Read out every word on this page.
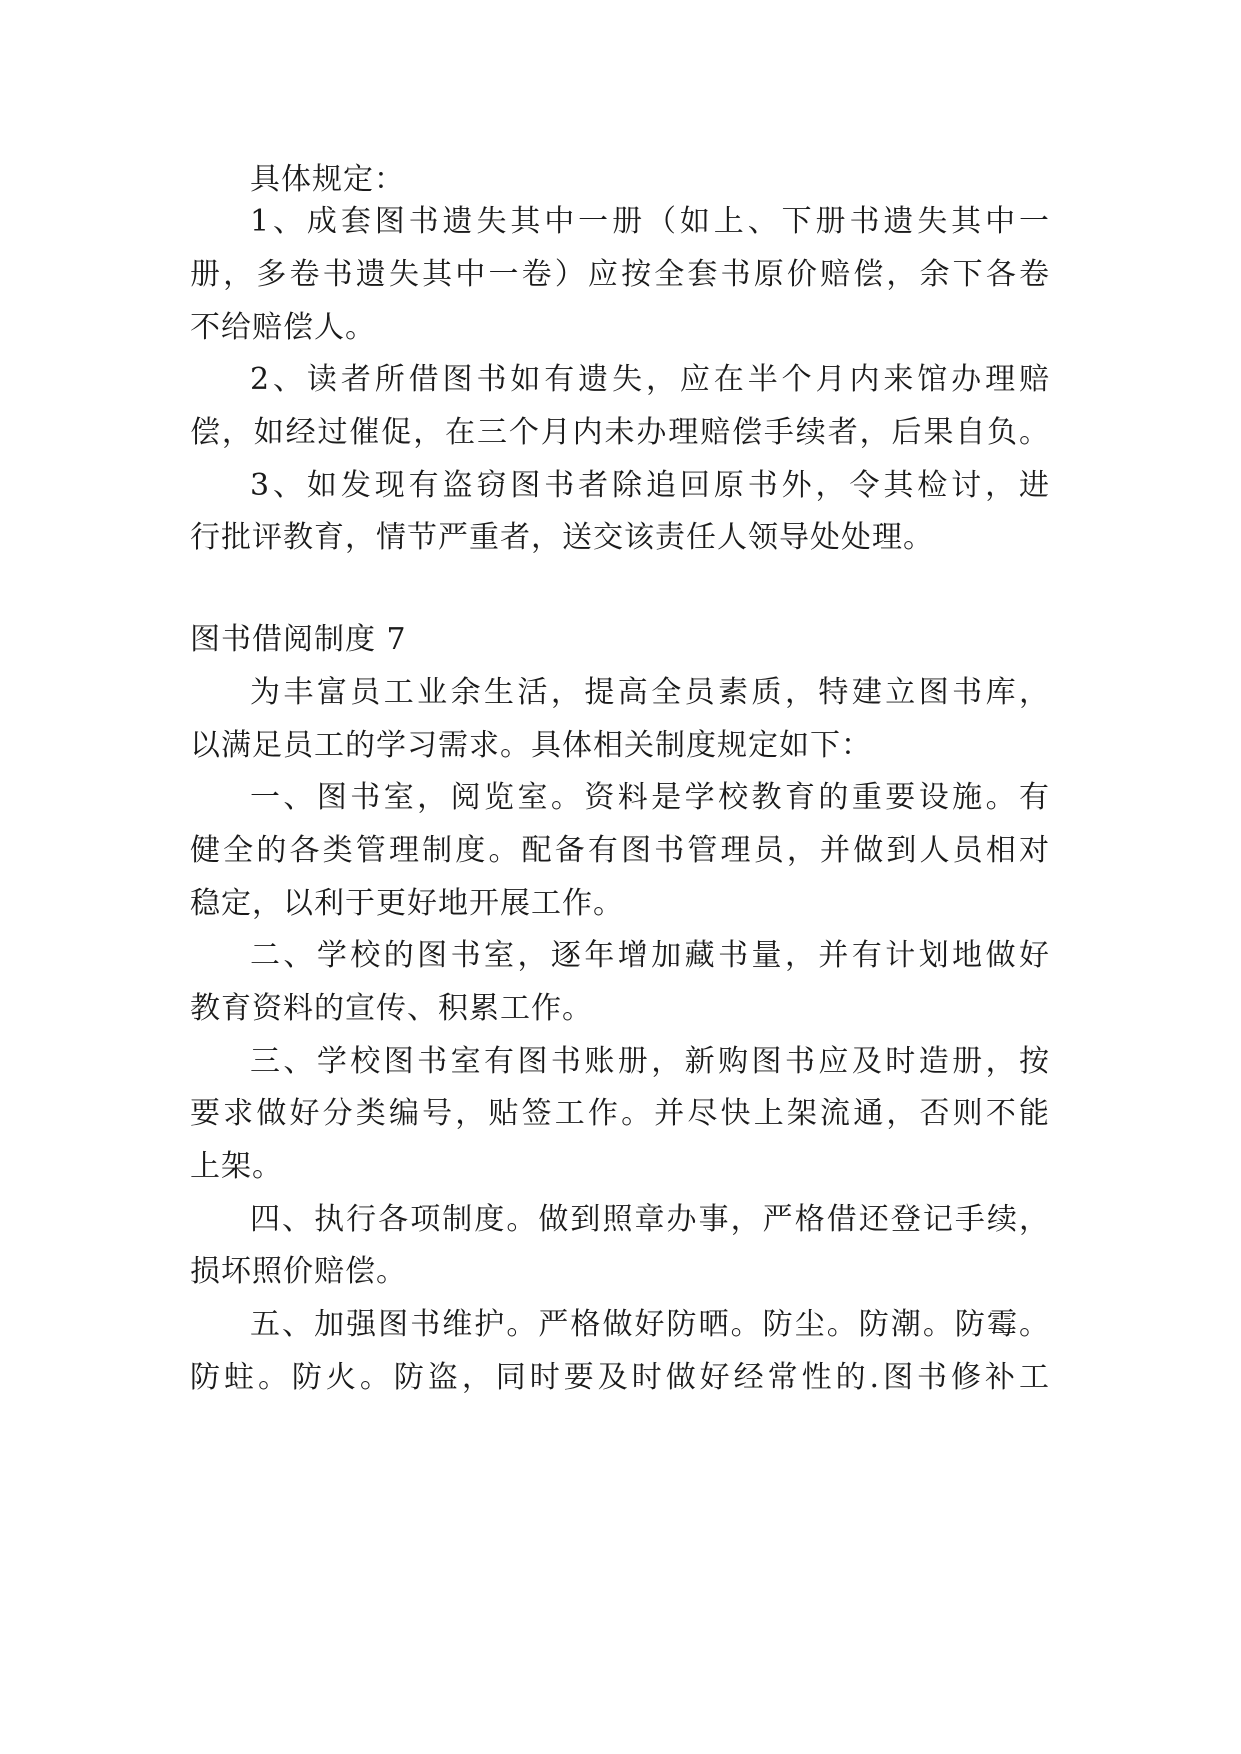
具体规定：
1、成套图书遗失其中一册（如上、下册书遗失其中一
册，多卷书遗失其中一卷）应按全套书原价赔偿，余下各卷
不给赔偿人。
2、读者所借图书如有遗失，应在半个月内来馆办理赔
偿，如经过催促，在三个月内未办理赔偿手续者，后果自负。
3、如发现有盗窃图书者除追回原书外，令其检讨，进
行批评教育，情节严重者，送交该责任人领导处处理。
图书借阅制度 7
为丰富员工业余生活，提高全员素质，特建立图书库，
以满足员工的学习需求。具体相关制度规定如下：
一、图书室，阅览室。资料是学校教育的重要设施。有
健全的各类管理制度。配备有图书管理员，并做到人员相对
稳定，以利于更好地开展工作。
二、学校的图书室，逐年增加藏书量，并有计划地做好
教育资料的宣传、积累工作。
三、学校图书室有图书账册，新购图书应及时造册，按
要求做好分类编号，贴签工作。并尽快上架流通，否则不能
上架。
四、执行各项制度。做到照章办事，严格借还登记手续，
损坏照价赔偿。
五、加强图书维护。严格做好防晒。防尘。防潮。防霉。
防蛀。防火。防盗，同时要及时做好经常性的.图书修补工
